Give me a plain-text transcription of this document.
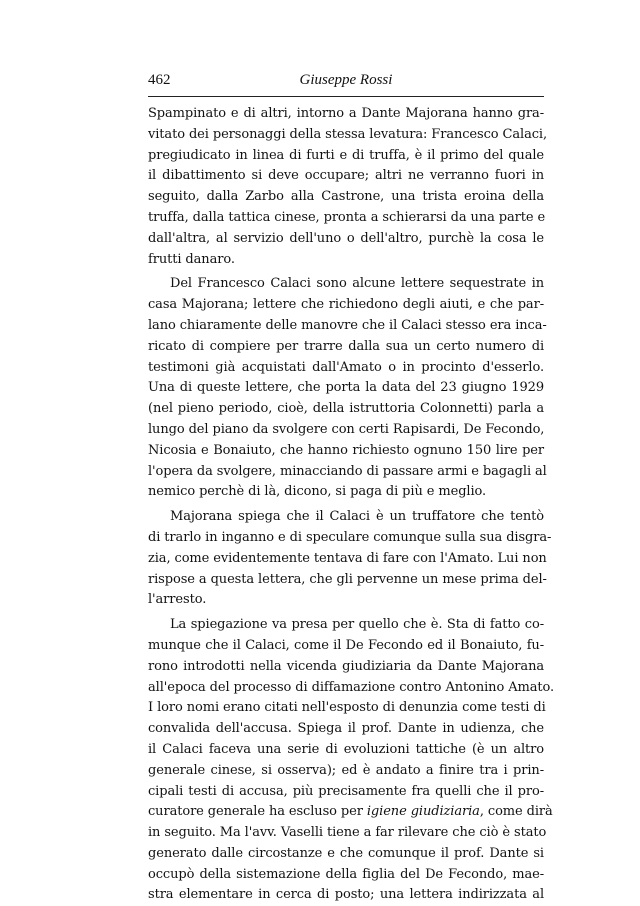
462	Giuseppe Rossi
Spampinato e di altri, intorno a Dante Majorana hanno gra-
vitato dei personaggi della stessa levatura: Francesco Calaci,
pregiudicato in linea di furti e di truffa, è il primo del quale
il dibattimento si deve occupare; altri ne verranno fuori in
seguito, dalla Zarbo alla Castrone, una trista eroina della
truffa, dalla tattica cinese, pronta a schierarsi da una parte e
dall'altra, al servizio dell'uno o dell'altro, purchè la cosa le
frutti danaro.
Del Francesco Calaci sono alcune lettere sequestrate in
casa Majorana; lettere che richiedono degli aiuti, e che par-
lano chiaramente delle manovre che il Calaci stesso era inca-
ricato di compiere per trarre dalla sua un certo numero di
testimoni già acquistati dall'Amato o in procinto d'esserlo.
Una di queste lettere, che porta la data del 23 giugno 1929
(nel pieno periodo, cioè, della istruttoria Colonnetti) parla a
lungo del piano da svolgere con certi Rapisardi, De Fecondo,
Nicosia e Bonaiuto, che hanno richiesto ognuno 150 lire per
l'opera da svolgere, minacciando di passare armi e bagagli al
nemico perchè di là, dicono, si paga di più e meglio.
Majorana spiega che il Calaci è un truffatore che tentò
di trarlo in inganno e di speculare comunque sulla sua disgra-
zia, come evidentemente tentava di fare con l'Amato. Lui non
rispose a questa lettera, che gli pervenne un mese prima del-
l'arresto.
La spiegazione va presa per quello che è. Sta di fatto co-
munque che il Calaci, come il De Fecondo ed il Bonaiuto, fu-
rono introdotti nella vicenda giudiziaria da Dante Majorana
all'epoca del processo di diffamazione contro Antonino Amato.
I loro nomi erano citati nell'esposto di denunzia come testi di
convalida dell'accusa. Spiega il prof. Dante in udienza, che
il Calaci faceva una serie di evoluzioni tattiche (è un altro
generale cinese, si osserva); ed è andato a finire tra i prin-
cipali testi di accusa, più precisamente fra quelli che il pro-
curatore generale ha escluso per igiene giudiziaria, come dirà
in seguito. Ma l'avv. Vaselli tiene a far rilevare che ciò è stato
generato dalle circostanze e che comunque il prof. Dante si
occupò della sistemazione della figlia del De Fecondo, mae-
stra elementare in cerca di posto; una lettera indirizzata al
